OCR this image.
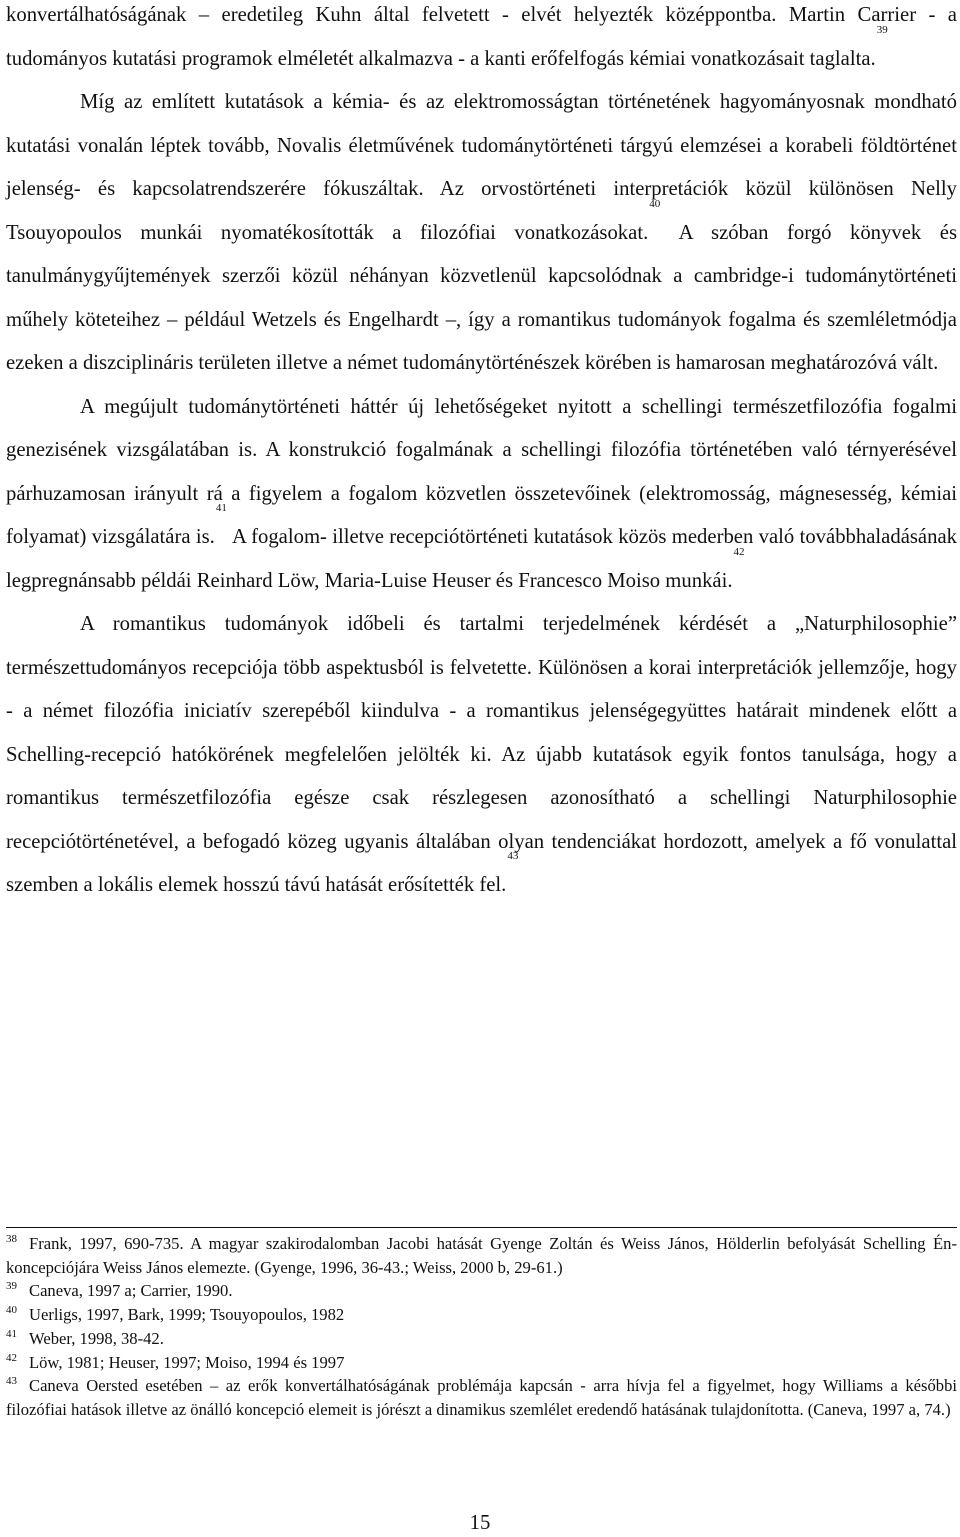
konvertálhatóságának – eredetileg Kuhn által felvetett - elvét helyezték középpontba. Martin Carrier - a tudományos kutatási programok elméletét alkalmazva - a kanti erőfelfogás kémiai vonatkozásait taglalta.$^{39}$

Míg az említett kutatások a kémia- és az elektromosságtan történetének hagyományosnak mondható kutatási vonalán léptek tovább, Novalis életművének tudománytörténeti tárgyú elemzései a korabeli földtörténet jelenség- és kapcsolatrendszerére fókuszáltak. Az orvostörténeti interpretációk közül különösen Nelly Tsouyopoulos munkái nyomatékosították a filozófiai vonatkozásokat.$^{40}$ A szóban forgó könyvek és tanulmánygyűjtemények szerzői közül néhányan közvetlenül kapcsolódnak a cambridge-i tudománytörténeti műhely köteteihez – például Wetzels és Engelhardt –, így a romantikus tudományok fogalma és szemléletmódja ezeken a diszciplináris területen illetve a német tudománytörténészek körében is hamarosan meghatározóvá vált.

A megújult tudománytörténeti háttér új lehetőségeket nyitott a schellingi természetfilozófia fogalmi genezisének vizsgálatában is. A konstrukció fogalmának a schellingi filozófia történetében való térnyerésével párhuzamosan irányult rá a figyelem a fogalom közvetlen összetevőinek (elektromosság, mágnesesség, kémiai folyamat) vizsgálatára is.$^{41}$ A fogalom- illetve recepciótörténeti kutatások közös mederben való továbbhaladásának legpregnánsabb példái Reinhard Löw, Maria-Luise Heuser és Francesco Moiso munkái.$^{42}$

A romantikus tudományok időbeli és tartalmi terjedelmének kérdését a „Naturphilosophie” természettudományos recepciója több aspektusból is felvetette. Különösen a korai interpretációk jellemzője, hogy - a német filozófia iniciatív szerepéből kiindulva - a romantikus jelenségegyüttes határait mindenek előtt a Schelling-recepció hatókörének megfelelően jelölték ki. Az újabb kutatások egyik fontos tanulsága, hogy a romantikus természetfilozófia egésze csak részlegesen azonosítható a schellingi Naturphilosophie recepciótörténetével, a befogadó közeg ugyanis általában olyan tendenciákat hordozott, amelyek a fő vonulattal szemben a lokális elemek hosszú távú hatását erősítették fel.$^{43}$

$^{38}$ Frank, 1997, 690-735. A magyar szakirodalomban Jacobi hatását Gyenge Zoltán és Weiss János, Hölderlin befolyását Schelling Én-koncepciójára Weiss János elemezte. (Gyenge, 1996, 36-43.; Weiss, 2000 b, 29-61.)

$^{39}$ Caneva, 1997 a; Carrier, 1990.

$^{40}$ Uerligs, 1997, Bark, 1999; Tsouyopoulos, 1982

$^{41}$ Weber, 1998, 38-42.

$^{42}$ Löw, 1981; Heuser, 1997; Moiso, 1994 és 1997

$^{43}$ Caneva Oersted esetében – az erők konvertálhatóságának problémája kapcsán - arra hívja fel a figyelmet, hogy Williams a későbbi filozófiai hatások illetve az önálló koncepció elemeit is jórészt a dinamikus szemlélet eredendő hatásának tulajdonította. (Caneva, 1997 a, 74.)

15
